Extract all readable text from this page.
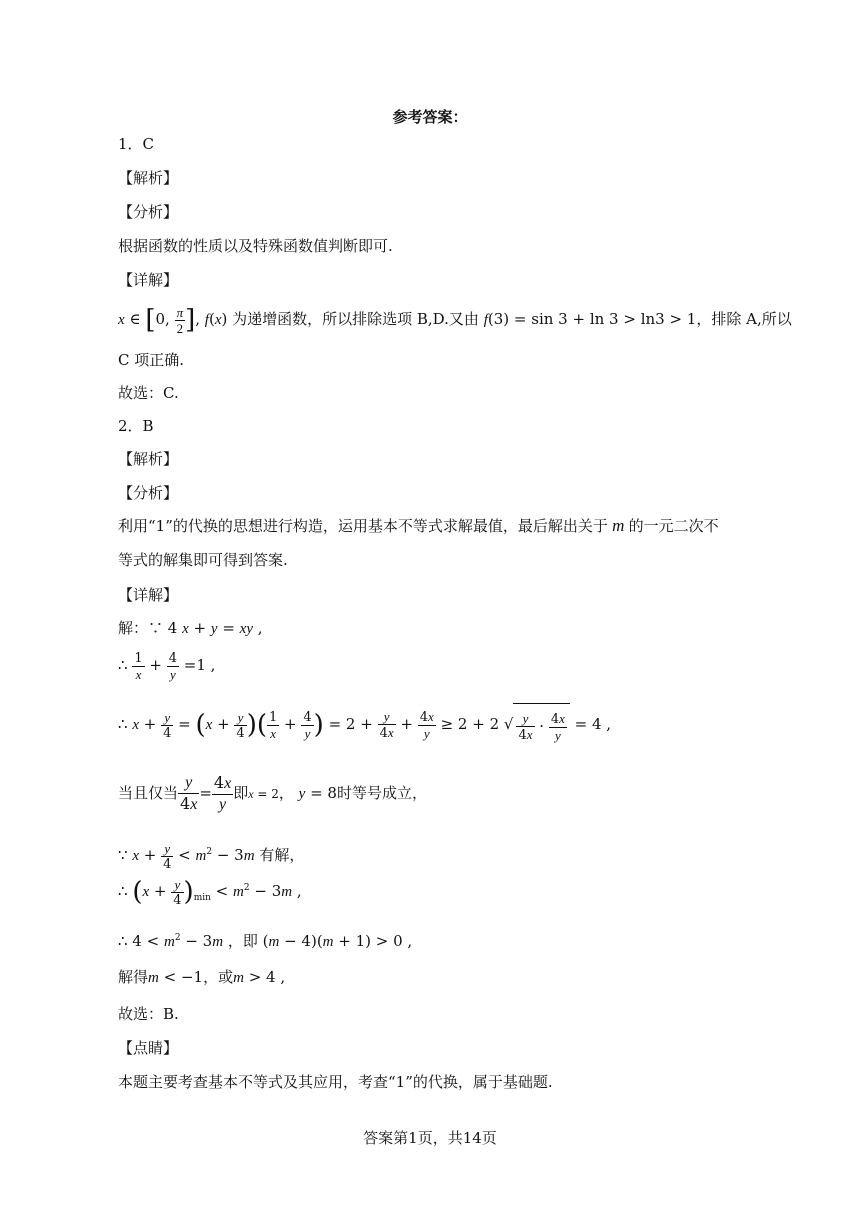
参考答案：
1．C
【解析】
【分析】
根据函数的性质以及特殊函数值判断即可.
【详解】
x ∈ [0, $\frac{\pi}{2}$ ], f(x) 为递增函数，所以排除选项 B,D.又由 f(3) = sin 3 + ln 3 > ln3 > 1，排除 A,所以
C 项正确.
故选：C.
2．B
【解析】
【分析】
利用“1”的代换的思想进行构造，运用基本不等式求解最值，最后解出关于 m 的一元二次不
等式的解集即可得到答案.
【详解】
解：∵ 4 x + y = xy ,
∴ $\frac{1}{x} + \frac{4}{y} =1$ ,
∴ $x + \frac{y}{4} = (x + \frac{y}{4}$ )( $\frac{1}{x} + \frac{4}{y}$ ) = $2 + \frac{y}{4x} + \frac{4x}{y} \ge 2 + 2$ √ $\frac{y}{4x} \cdot \frac{4x}{y} = 4$ ,
当且仅当 $\frac{y}{4x} = \frac{4x}{y}$ 即x = 2， y = 8时等号成立，
∵ $x + \frac{y}{4} < m^2 - 3m$ 有解，
∴ $(x + \frac{y}{4} )_{min} < m^2 - 3m$ ,
∴ $4 < m^2 - 3m$ ，即 (m − 4)(m + 1) > 0 ,
解得m < −1，或m > 4 ,
故选：B.
【点睛】
本题主要考查基本不等式及其应用，考查“1”的代换，属于基础题.
答案第1页，共14页
